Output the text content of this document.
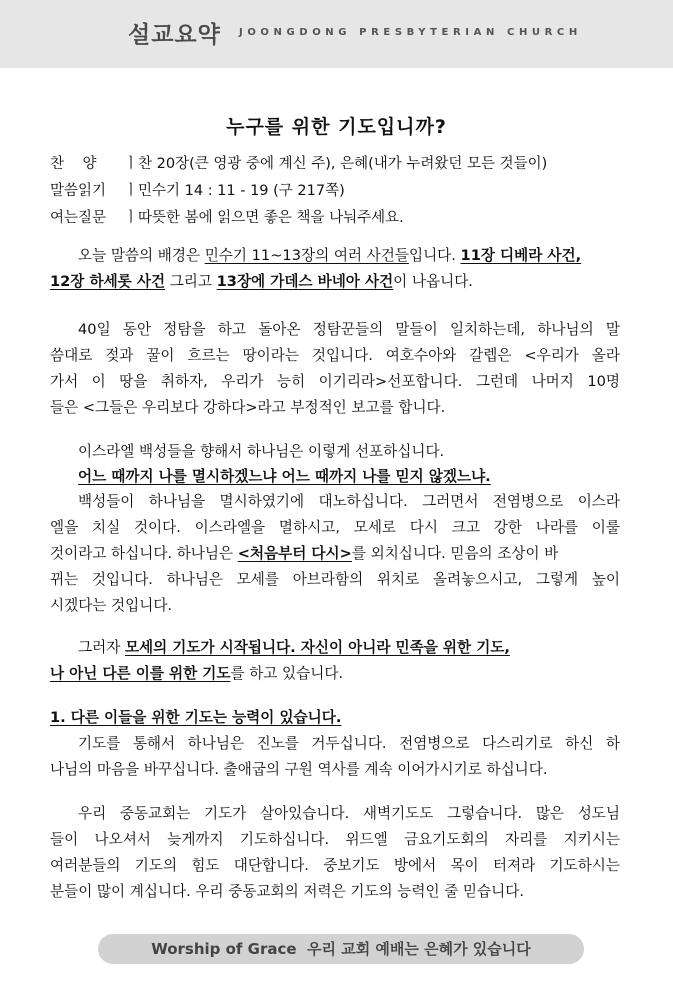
설교요약 JOONGDONG PRESBYTERIAN CHURCH
누구를 위한 기도입니까?
찬    양 ㅣ찬 20장(큰 영광 중에 계신 주), 은혜(내가 누려왔던 모든 것들이)
말씀읽기 ㅣ민수기 14 : 11 - 19 (구 217쪽)
여는질문 ㅣ따뜻한 봄에 읽으면 좋은 책을 나눠주세요.
오늘 말씀의 배경은 민수기 11~13장의 여러 사건들입니다. 11장 디베라 사건,
12장 하세롯 사건 그리고 13장에 가데스 바네아 사건이 나옵니다.
40일 동안 정탐을 하고 돌아온 정탐꾼들의 말들이 일치하는데, 하나님의 말
씀대로 젖과 꿀이 흐르는 땅이라는 것입니다. 여호수아와 갈렙은 <우리가 올라
가서 이 땅을 취하자, 우리가 능히 이기리라>선포합니다. 그런데 나머지 10명
들은 <그들은 우리보다 강하다>라고 부정적인 보고를 합니다.
이스라엘 백성들을 향해서 하나님은 이렇게 선포하십니다.
어느 때까지 나를 멸시하겠느냐 어느 때까지 나를 믿지 않겠느냐.
백성들이 하나님을 멸시하였기에 대노하십니다. 그러면서 전염병으로 이스라
엘을 치실 것이다. 이스라엘을 멸하시고, 모세로 다시 크고 강한 나라를 이룰
것이라고 하십니다. 하나님은 <처음부터 다시>를 외치십니다. 믿음의 조상이 바
뀌는 것입니다. 하나님은 모세를 아브라함의 위치로 올려놓으시고, 그렇게 높이
시겠다는 것입니다.
그러자 모세의 기도가 시작됩니다. 자신이 아니라 민족을 위한 기도,
나 아닌 다른 이를 위한 기도를 하고 있습니다.
1. 다른 이들을 위한 기도는 능력이 있습니다.
기도를 통해서 하나님은 진노를 거두십니다. 전염병으로 다스리기로 하신 하
나님의 마음을 바꾸십니다. 출애굽의 구원 역사를 계속 이어가시기로 하십니다.
우리 중동교회는 기도가 살아있습니다. 새벽기도도 그렇습니다. 많은 성도님
들이 나오셔서 늦게까지 기도하십니다. 위드엘 금요기도회의 자리를 지키시는
여러분들의 기도의 힘도 대단합니다. 중보기도 방에서 목이 터져라 기도하시는
분들이 많이 계십니다. 우리 중동교회의 저력은 기도의 능력인 줄 믿습니다.
Worship of Grace  우리 교회 예배는 은혜가 있습니다
